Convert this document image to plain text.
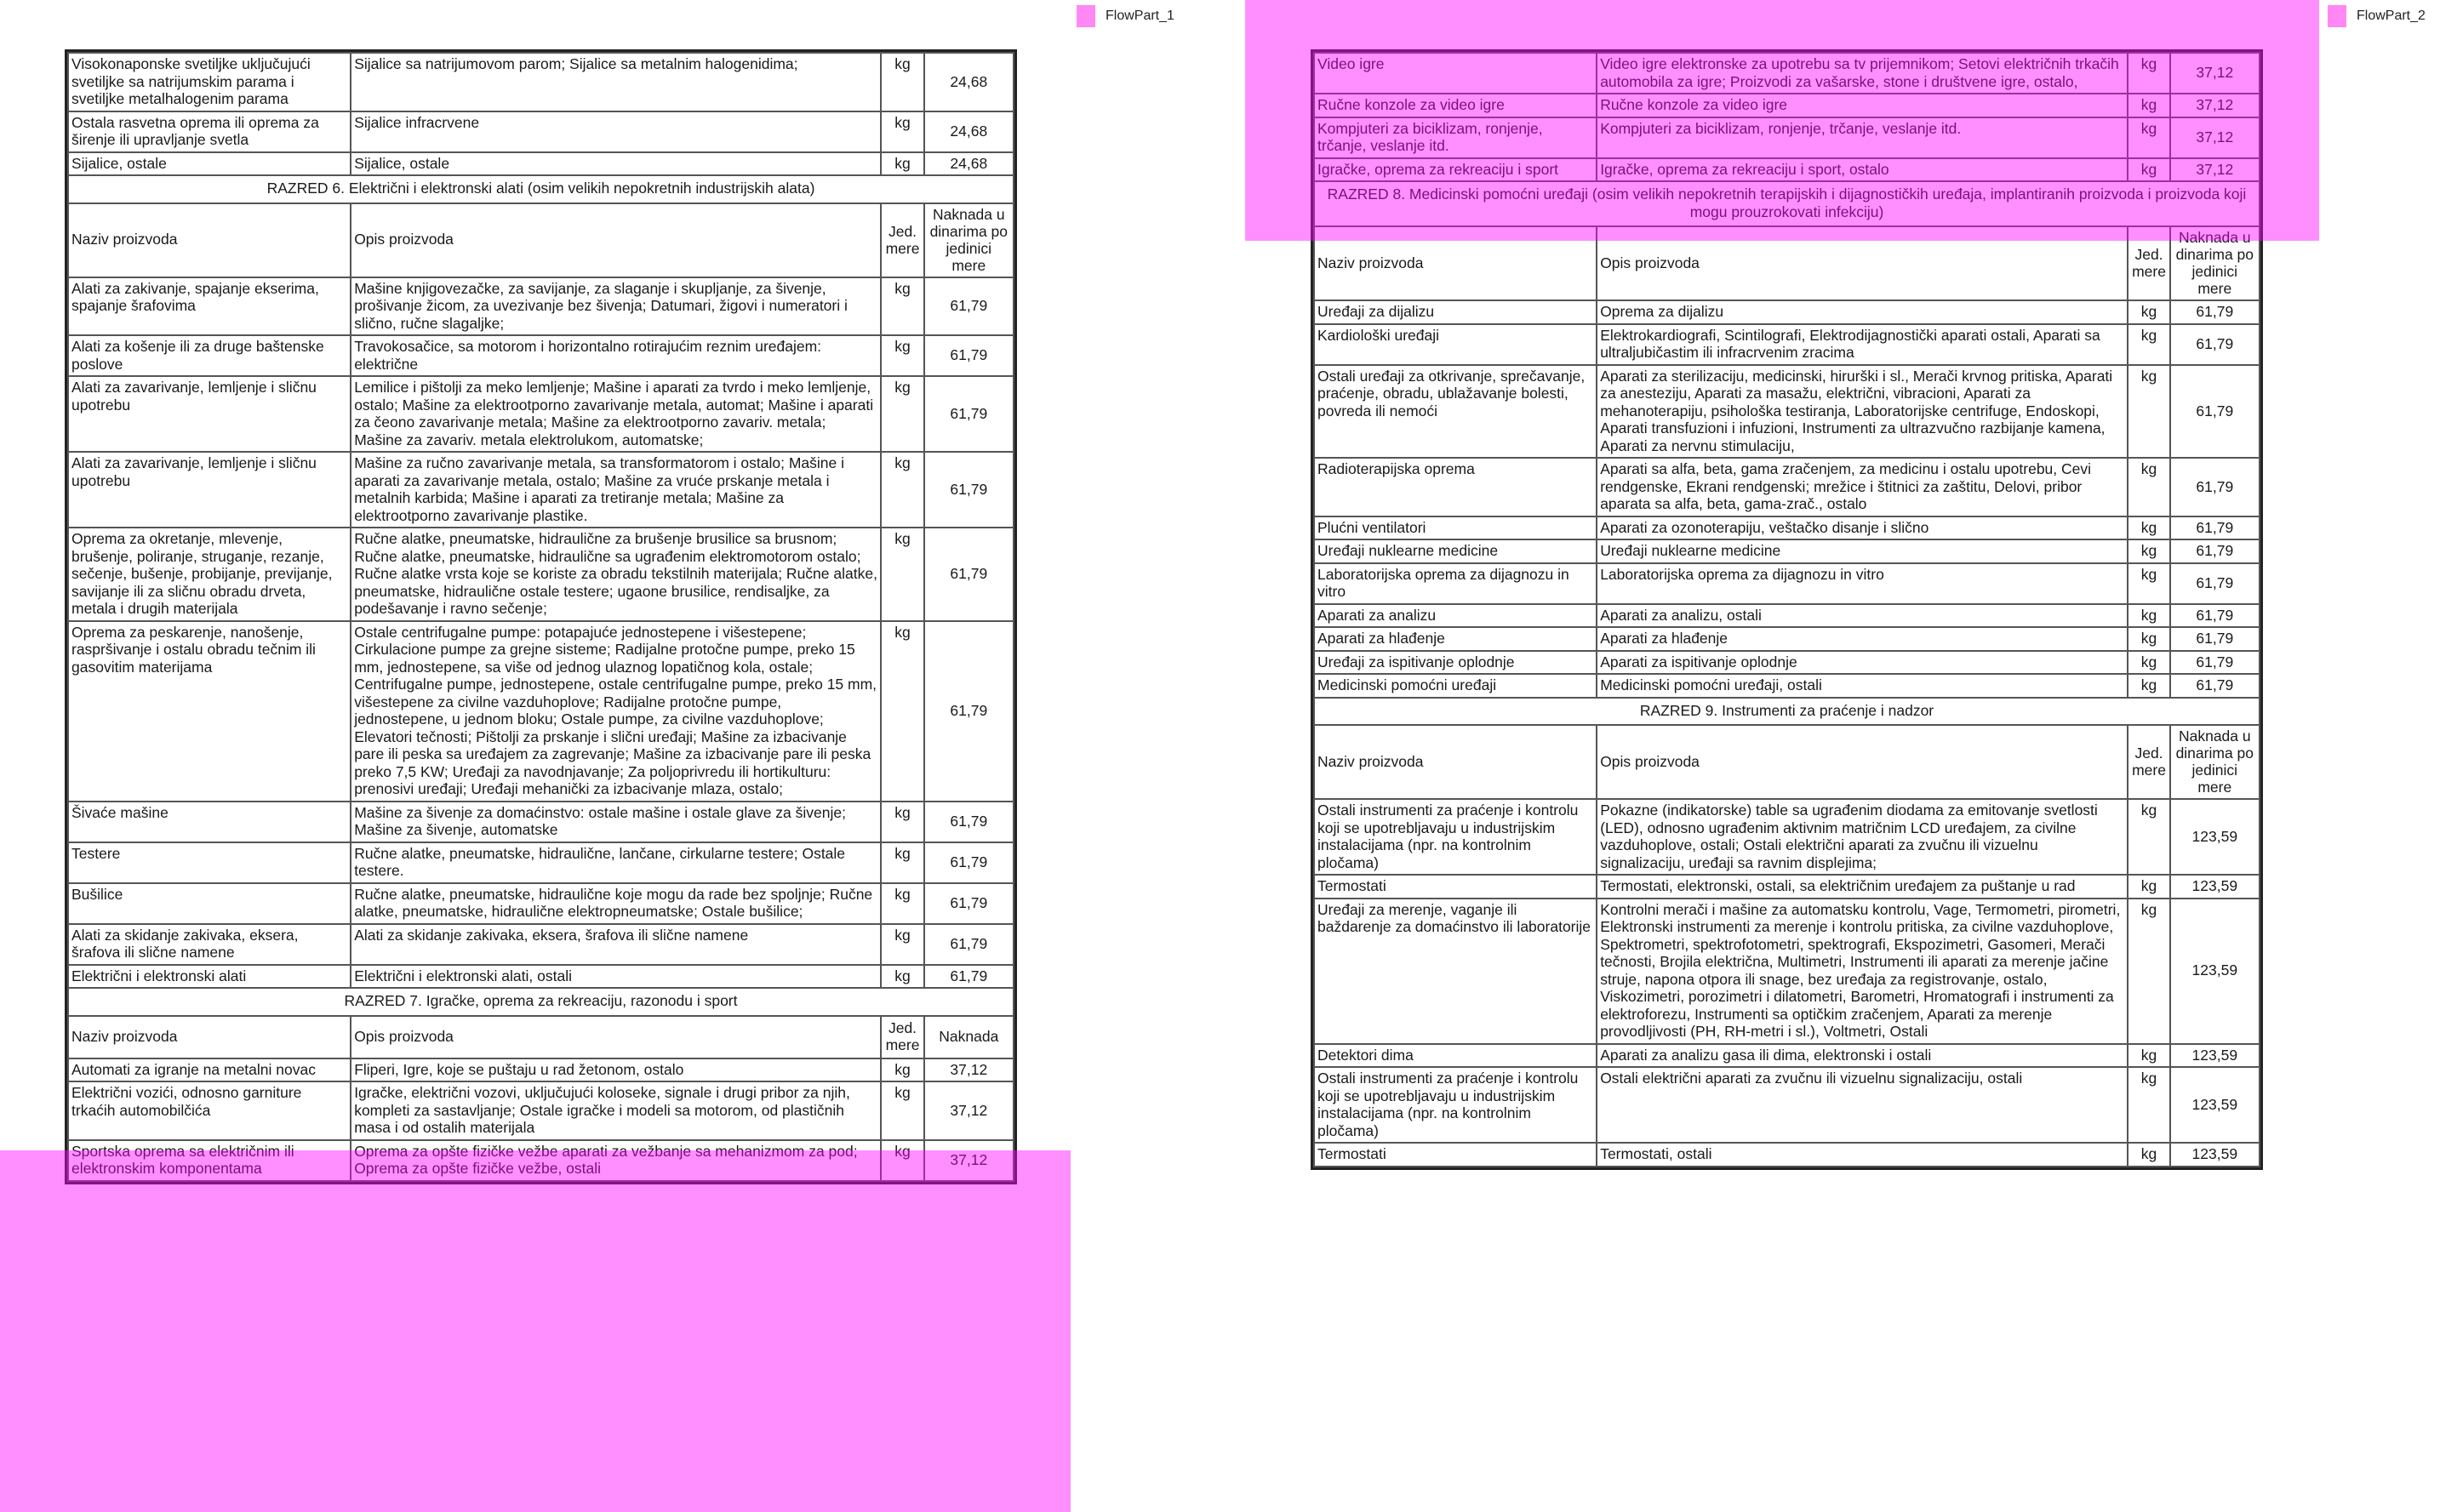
FlowPart_1	FlowPart_2
Visokonaponske svetiljke uključujući svetiljke sa natrijumskim parama i svetiljke metalhalogenim parama	Sijalice sa natrijumovom parom; Sijalice sa metalnim halogenidima;	kg	24,68
Ostala rasvetna oprema ili oprema za širenje ili upravljanje svetla	Sijalice infracrvene	kg	24,68
Sijalice, ostale	Sijalice, ostale	kg	24,68
RAZRED 6. Električni i elektronski alati (osim velikih nepokretnih industrijskih alata)			
Naziv proizvoda	Opis proizvoda	Jed. mere	Naknada u dinarima po jedinici mere
Alati za zakivanje, spajanje ekserima, spajanje šrafovima	Mašine knjigovezačke, za savijanje, za slaganje i skupljanje, za šivenje, prošivanje žicom, za uvezivanje bez šivenja; Datumari, žigovi i numeratori i slično, ručne slagaljke;	kg	61,79
Alati za košenje ili za druge baštenske poslove	Travokosačice, sa motorom i horizontalno rotirajućim reznim uređajem: električne	kg	61,79
Alati za zavarivanje, lemljenje i sličnu upotrebu	Lemilice i pištolji za meko lemljenje; Mašine i aparati za tvrdo i meko lemljenje, ostalo; Mašine za elektrootporno zavarivanje metala, automat; Mašine i aparati za čeono zavarivanje metala; Mašine za elektrootporno zavariv. metala; Mašine za zavariv. metala elektrolukom, automatske;	kg	61,79
Alati za zavarivanje, lemljenje i sličnu upotrebu	Mašine za ručno zavarivanje metala, sa transformatorom i ostalo; Mašine i aparati za zavarivanje metala, ostalo; Mašine za vruće prskanje metala i metalnih karbida; Mašine i aparati za tretiranje metala; Mašine za elektrootporno zavarivanje plastike.	kg	61,79
Oprema za okretanje, mlevenje, brušenje, poliranje, struganje, rezanje, sečenje, bušenje, probijanje, previjanje, savijanje ili za sličnu obradu drveta, metala i drugih materijala	Ručne alatke, pneumatske, hidraulične za brušenje brusilice sa brusnom; Ručne alatke, pneumatske, hidraulične sa ugrađenim elektromotorom ostalo; Ručne alatke vrsta koje se koriste za obradu tekstilnih materijala; Ručne alatke, pneumatske, hidraulične ostale testere; ugaone brusilice, rendisaljke, za podešavanje i ravno sečenje;	kg	61,79
Oprema za peskarenje, nanošenje, raspršivanje i ostalu obradu tečnim ili gasovitim materijama	Ostale centrifugalne pumpe: potapajuće jednostepene i višestepene; Cirkulacione pumpe za grejne sisteme; Radijalne protočne pumpe, preko 15 mm, jednostepene, sa više od jednog ulaznog lopatičnog kola, ostale; Centrifugalne pumpe, jednostepene, ostale centrifugalne pumpe, preko 15 mm, višestepene za civilne vazduhoplove; Radijalne protočne pumpe, jednostepene, u jednom bloku; Ostale pumpe, za civilne vazduhoplove; Elevatori tečnosti; Pištolji za prskanje i slični uređaji; Mašine za izbacivanje pare ili peska sa uređajem za zagrevanje; Mašine za izbacivanje pare ili peska preko 7,5 KW; Uređaji za navodnjavanje; Za poljoprivredu ili hortikulturu: prenosivi uređaji; Uređaji mehanički za izbacivanje mlaza, ostalo;	kg	61,79
Šivaće mašine	Mašine za šivenje za domaćinstvo: ostale mašine i ostale glave za šivenje; Mašine za šivenje, automatske	kg	61,79
Testere	Ručne alatke, pneumatske, hidraulične, lančane, cirkularne testere; Ostale testere.	kg	61,79
Bušilice	Ručne alatke, pneumatske, hidraulične koje mogu da rade bez spoljnje; Ručne alatke, pneumatske, hidraulične elektropneumatske; Ostale bušilice;	kg	61,79
Alati za skidanje zakivaka, eksera, šrafova ili slične namene	Alati za skidanje zakivaka, eksera, šrafova ili slične namene	kg	61,79
Električni i elektronski alati	Električni i elektronski alati, ostali	kg	61,79
RAZRED 7. Igračke, oprema za rekreaciju, razonodu i sport			
Naziv proizvoda	Opis proizvoda	Jed. mere	Naknada
Automati za igranje na metalni novac	Fliperi, Igre, koje se puštaju u rad žetonom, ostalo	kg	37,12
Električni vozići, odnosno garniture trkaćih automobilčića	Igračke, električni vozovi, uključujući koloseke, signale i drugi pribor za njih, kompleti za sastavljanje; Ostale igračke i modeli sa motorom, od plastičnih masa i od ostalih materijala	kg	37,12
Sportska oprema sa električnim ili elektronskim komponentama	Oprema za opšte fizičke vežbe aparati za vežbanje sa mehanizmom za pod; Oprema za opšte fizičke vežbe, ostali	kg	37,12
Video igre	Video igre elektronske za upotrebu sa tv prijemnikom; Setovi električnih trkačih automobila za igre; Proizvodi za vašarske, stone i društvene igre, ostalo,	kg	37,12
Ručne konzole za video igre	Ručne konzole za video igre	kg	37,12
Kompjuteri za biciklizam, ronjenje, trčanje, veslanje itd.	Kompjuteri za biciklizam, ronjenje, trčanje, veslanje itd.	kg	37,12
Igračke, oprema za rekreaciju i sport	Igračke, oprema za rekreaciju i sport, ostalo	kg	37,12
RAZRED 8. Medicinski pomoćni uređaji (osim velikih nepokretnih terapijskih i dijagnostičkih uređaja, implantiranih proizvoda i proizvoda koji mogu prouzrokovati infekciju)			
Naziv proizvoda	Opis proizvoda	Jed. mere	Naknada u dinarima po jedinici mere
Uređaji za dijalizu	Oprema za dijalizu	kg	61,79
Kardiološki uređaji	Elektrokardiografi, Scintilografi, Elektrodijagnostički aparati ostali, Aparati sa ultraljubičastim ili infracrvenim zracima	kg	61,79
Ostali uređaji za otkrivanje, sprečavanje, praćenje, obradu, ublažavanje bolesti, povreda ili nemoći	Aparati za sterilizaciju, medicinski, hirurški i sl., Merači krvnog pritiska, Aparati za anesteziju, Aparati za masažu, električni, vibracioni, Aparati za mehanoterapiju, psihološka testiranja, Laboratorijske centrifuge, Endoskopi, Aparati transfuzioni i infuzioni, Instrumenti za ultrazvučno razbijanje kamena, Aparati za nervnu stimulaciju,	kg	61,79
Radioterapijska oprema	Aparati sa alfa, beta, gama zračenjem, za medicinu i ostalu upotrebu, Cevi rendgenske, Ekrani rendgenski; mrežice i štitnici za zaštitu, Delovi, pribor aparata sa alfa, beta, gama-zrač., ostalo	kg	61,79
Plućni ventilatori	Aparati za ozonoterapiju, veštačko disanje i slično	kg	61,79
Uređaji nuklearne medicine	Uređaji nuklearne medicine	kg	61,79
Laboratorijska oprema za dijagnozu in vitro	Laboratorijska oprema za dijagnozu in vitro	kg	61,79
Aparati za analizu	Aparati za analizu, ostali	kg	61,79
Aparati za hlađenje	Aparati za hlađenje	kg	61,79
Uređaji za ispitivanje oplodnje	Aparati za ispitivanje oplodnje	kg	61,79
Medicinski pomoćni uređaji	Medicinski pomoćni uređaji, ostali	kg	61,79
RAZRED 9. Instrumenti za praćenje i nadzor			
Naziv proizvoda	Opis proizvoda	Jed. mere	Naknada u dinarima po jedinici mere
Ostali instrumenti za praćenje i kontrolu koji se upotrebljavaju u industrijskim instalacijama (npr. na kontrolnim pločama)	Pokazne (indikatorske) table sa ugrađenim diodama za emitovanje svetlosti (LED), odnosno ugrađenim aktivnim matričnim LCD uređajem, za civilne vazduhoplove, ostali; Ostali električni aparati za zvučnu ili vizuelnu signalizaciju, uređaji sa ravnim displejima;	kg	123,59
Termostati	Termostati, elektronski, ostali, sa električnim uređajem za puštanje u rad	kg	123,59
Uređaji za merenje, vaganje ili baždarenje za domaćinstvo ili laboratorije	Kontrolni merači i mašine za automatsku kontrolu, Vage, Termometri, pirometri, Elektronski instrumenti za merenje i kontrolu pritiska, za civilne vazduhoplove, Spektrometri, spektrofotometri, spektrografi, Ekspozimetri, Gasomeri, Merači tečnosti, Brojila električna, Multimetri, Instrumenti ili aparati za merenje jačine struje, napona otpora ili snage, bez uređaja za registrovanje, ostalo, Viskozimetri, porozimetri i dilatometri, Barometri, Hromatografi i instrumenti za elektroforezu, Instrumenti sa optičkim zračenjem, Aparati za merenje provodljivosti (PH, RH-metri i sl.), Voltmetri, Ostali	kg	123,59
Detektori dima	Aparati za analizu gasa ili dima, elektronski i ostali	kg	123,59
Ostali instrumenti za praćenje i kontrolu koji se upotrebljavaju u industrijskim instalacijama (npr. na kontrolnim pločama)	Ostali električni aparati za zvučnu ili vizuelnu signalizaciju, ostali	kg	123,59
Termostati	Termostati, ostali	kg	123,59
